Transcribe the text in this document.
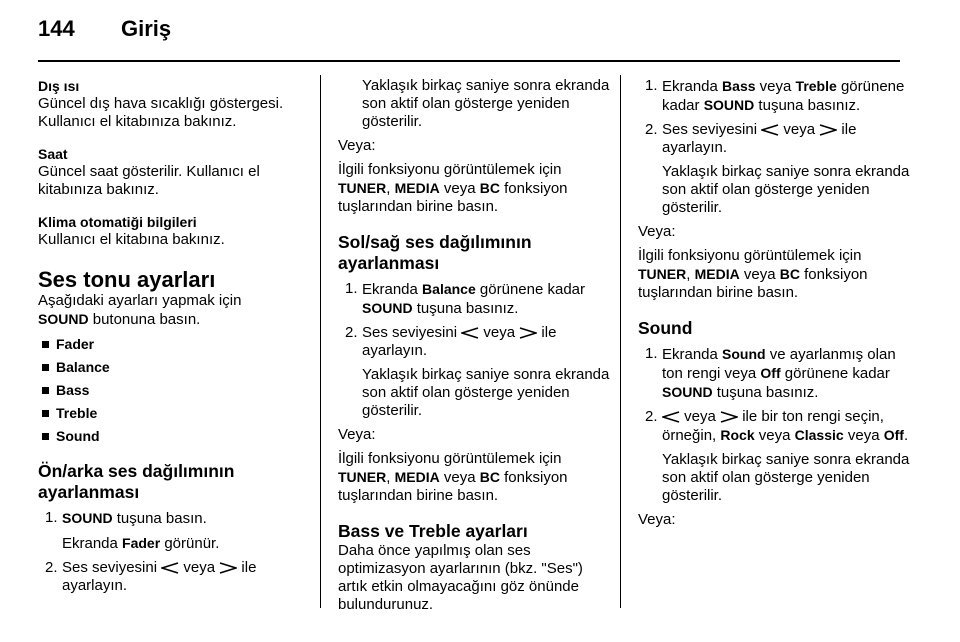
144 Giriş

Dış ısı

Güncel dış hava sıcaklığı göstergesi. Kullanıcı el kitabınıza bakınız.

Saat

Güncel saat gösterilir. Kullanıcı el kitabınıza bakınız.

Klima otomatiği bilgileri

Kullanıcı el kitabına bakınız.

Ses tonu ayarları

Aşağıdaki ayarları yapmak için
SOUND butonuna basın.

Fader
Balance
Bass
Treble
Sound

Ön/arka ses dağılımının ayarlanması

1. SOUND tuşuna basın.
Ekranda Fader görünür.
2. Ses seviyesini  veya  ile ayarlayın.

Yaklaşık birkaç saniye sonra ekranda son aktif olan gösterge yeniden gösterilir.

Veya:

İlgili fonksiyonu görüntülemek için
TUNER, MEDIA veya BC fonksiyon tuşlarından birine basın.

Sol/sağ ses dağılımının ayarlanması

1. Ekranda Balance görünene kadar SOUND tuşuna basınız.
2. Ses seviyesini  veya  ile ayarlayın.
Yaklaşık birkaç saniye sonra ekranda son aktif olan gösterge yeniden gösterilir.

Veya:

İlgili fonksiyonu görüntülemek için
TUNER, MEDIA veya BC fonksiyon tuşlarından birine basın.

Bass ve Treble ayarları

Daha önce yapılmış olan ses optimizasyon ayarlarının (bkz. "Ses") artık etkin olmayacağını göz önünde bulundurunuz.

1. Ekranda Bass veya Treble görünene kadar SOUND tuşuna basınız.
2. Ses seviyesini  veya  ile ayarlayın.
Yaklaşık birkaç saniye sonra ekranda son aktif olan gösterge yeniden gösterilir.

Veya:

İlgili fonksiyonu görüntülemek için
TUNER, MEDIA veya BC fonksiyon tuşlarından birine basın.

Sound

1. Ekranda Sound ve ayarlanmış olan ton rengi veya Off görünene kadar SOUND tuşuna basınız.
2. veya  ile bir ton rengi seçin, örneğin, Rock veya Classic veya Off.
Yaklaşık birkaç saniye sonra ekranda son aktif olan gösterge yeniden gösterilir.

Veya:
